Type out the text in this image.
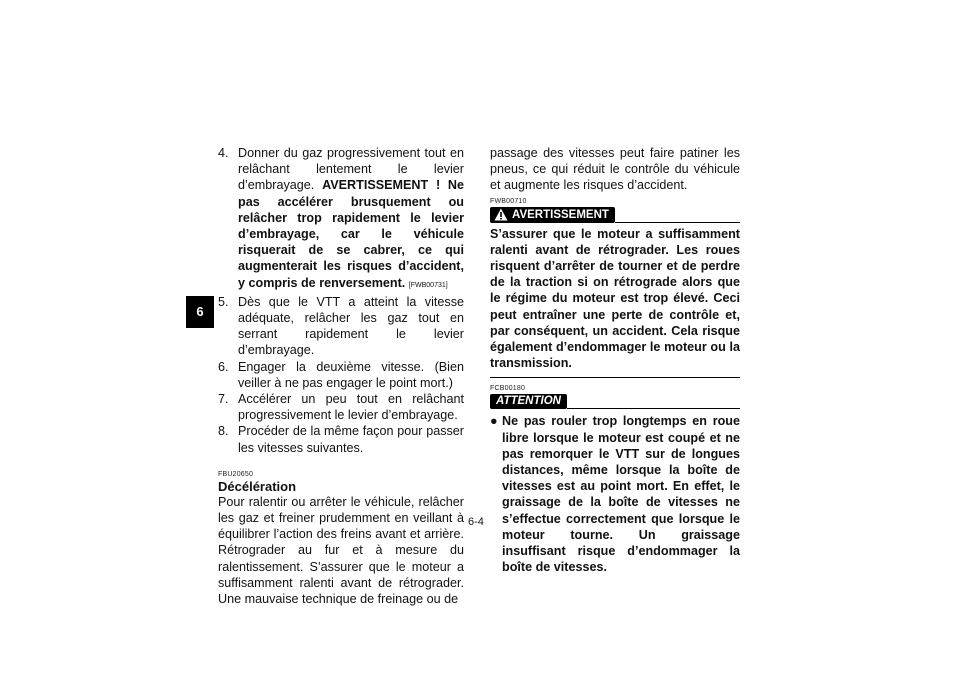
6
4. Donner du gaz progressivement tout en relâchant lentement le levier d’embrayage. AVERTISSEMENT ! Ne pas accélérer brusquement ou relâcher trop rapidement le levier d’embrayage, car le véhicule risquerait de se cabrer, ce qui augmenterait les risques d’accident, y compris de renversement. [FWB00731]
5. Dès que le VTT a atteint la vitesse adéquate, relâcher les gaz tout en serrant rapidement le levier d’embrayage.
6. Engager la deuxième vitesse. (Bien veiller à ne pas engager le point mort.)
7. Accélérer un peu tout en relâchant progressivement le levier d’embrayage.
8. Procéder de la même façon pour passer les vitesses suivantes.
FBU20650
Décélération
Pour ralentir ou arrêter le véhicule, relâcher les gaz et freiner prudemment en veillant à équilibrer l’action des freins avant et arrière. Rétrograder au fur et à mesure du ralentissement. S’assurer que le moteur a suffisamment ralenti avant de rétrograder. Une mauvaise technique de freinage ou de
passage des vitesses peut faire patiner les pneus, ce qui réduit le contrôle du véhicule et augmente les risques d’accident.
FWB00710
AVERTISSEMENT
S’assurer que le moteur a suffisamment ralenti avant de rétrograder. Les roues risquent d’arrêter de tourner et de perdre de la traction si on rétrograde alors que le régime du moteur est trop élevé. Ceci peut entraîner une perte de contrôle et, par conséquent, un accident. Cela risque également d’endommager le moteur ou la transmission.
FCB00180
ATTENTION
● Ne pas rouler trop longtemps en roue libre lorsque le moteur est coupé et ne pas remorquer le VTT sur de longues distances, même lorsque la boîte de vitesses est au point mort. En effet, le graissage de la boîte de vitesses ne s’effectue correctement que lorsque le moteur tourne. Un graissage insuffisant risque d’endommager la boîte de vitesses.
6-4
